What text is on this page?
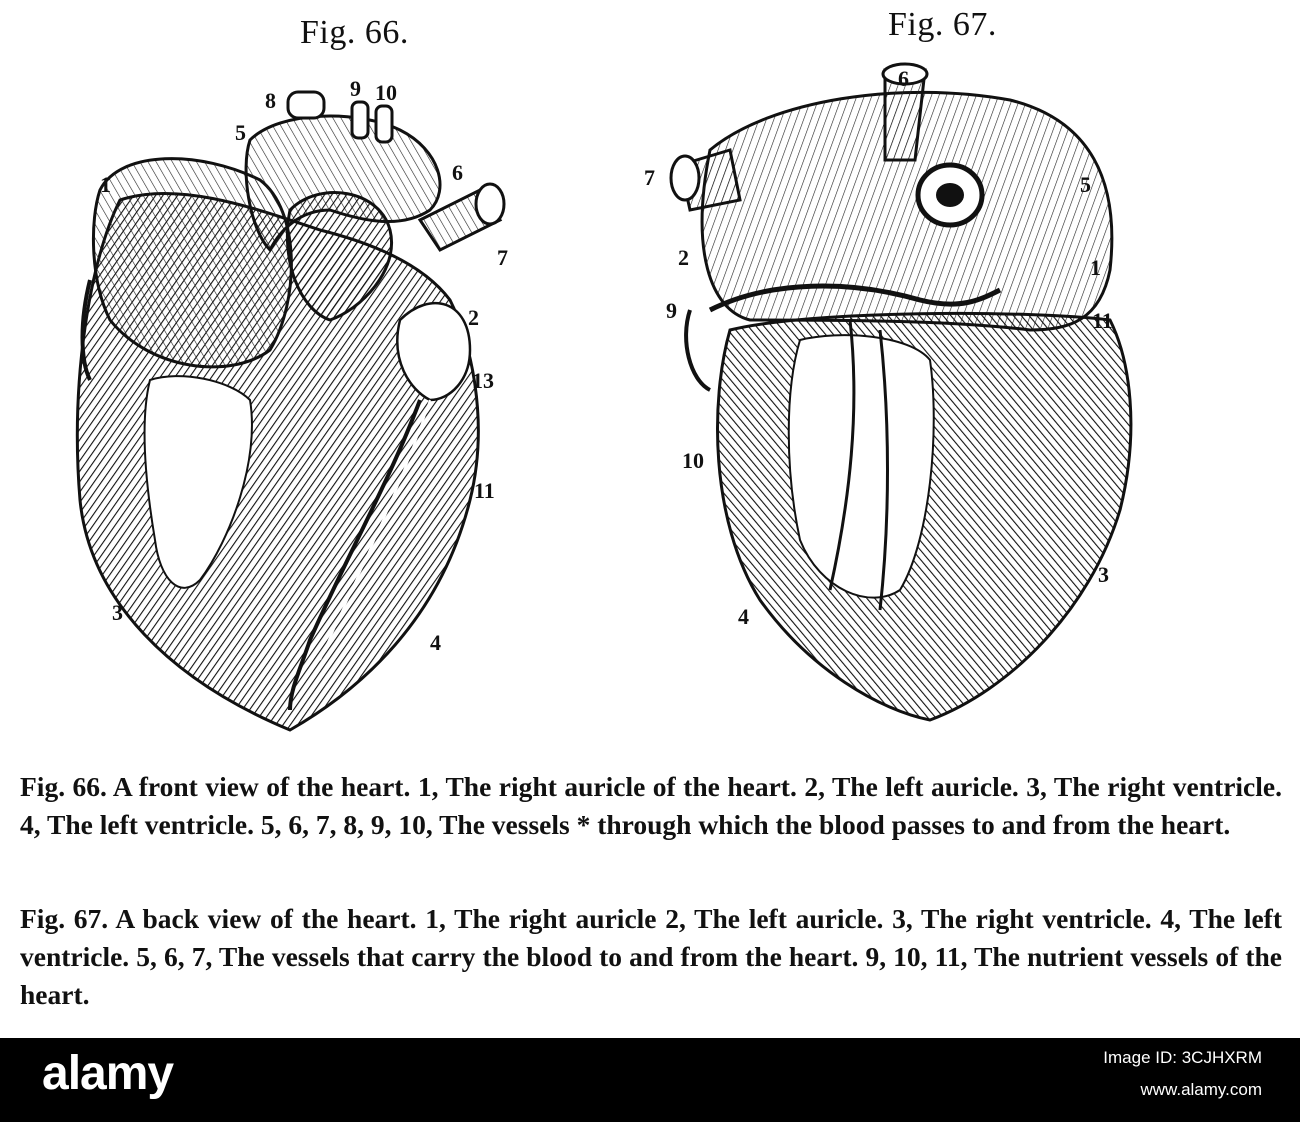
Fig. 66.	Fig. 67.
1
2
3
4
5
6
7
8	9 10
11
13
1
2
3
4
5
6
7
9
10
11
Fig. 66. A front view of the heart. 1, The right auricle of the heart. 2, The left auricle. 3, The right ventricle. 4, The left ventricle. 5, 6, 7, 8, 9, 10, The vessels * through which the blood passes to and from the heart.
Fig. 67. A back view of the heart. 1, The right auricle 2, The left auricle. 3, The right ventricle. 4, The left ventricle. 5, 6, 7, The vessels that carry the blood to and from the heart. 9, 10, 11, The nutrient vessels of the heart.
alamy	Image ID: 3CJHXRM
www.alamy.com
